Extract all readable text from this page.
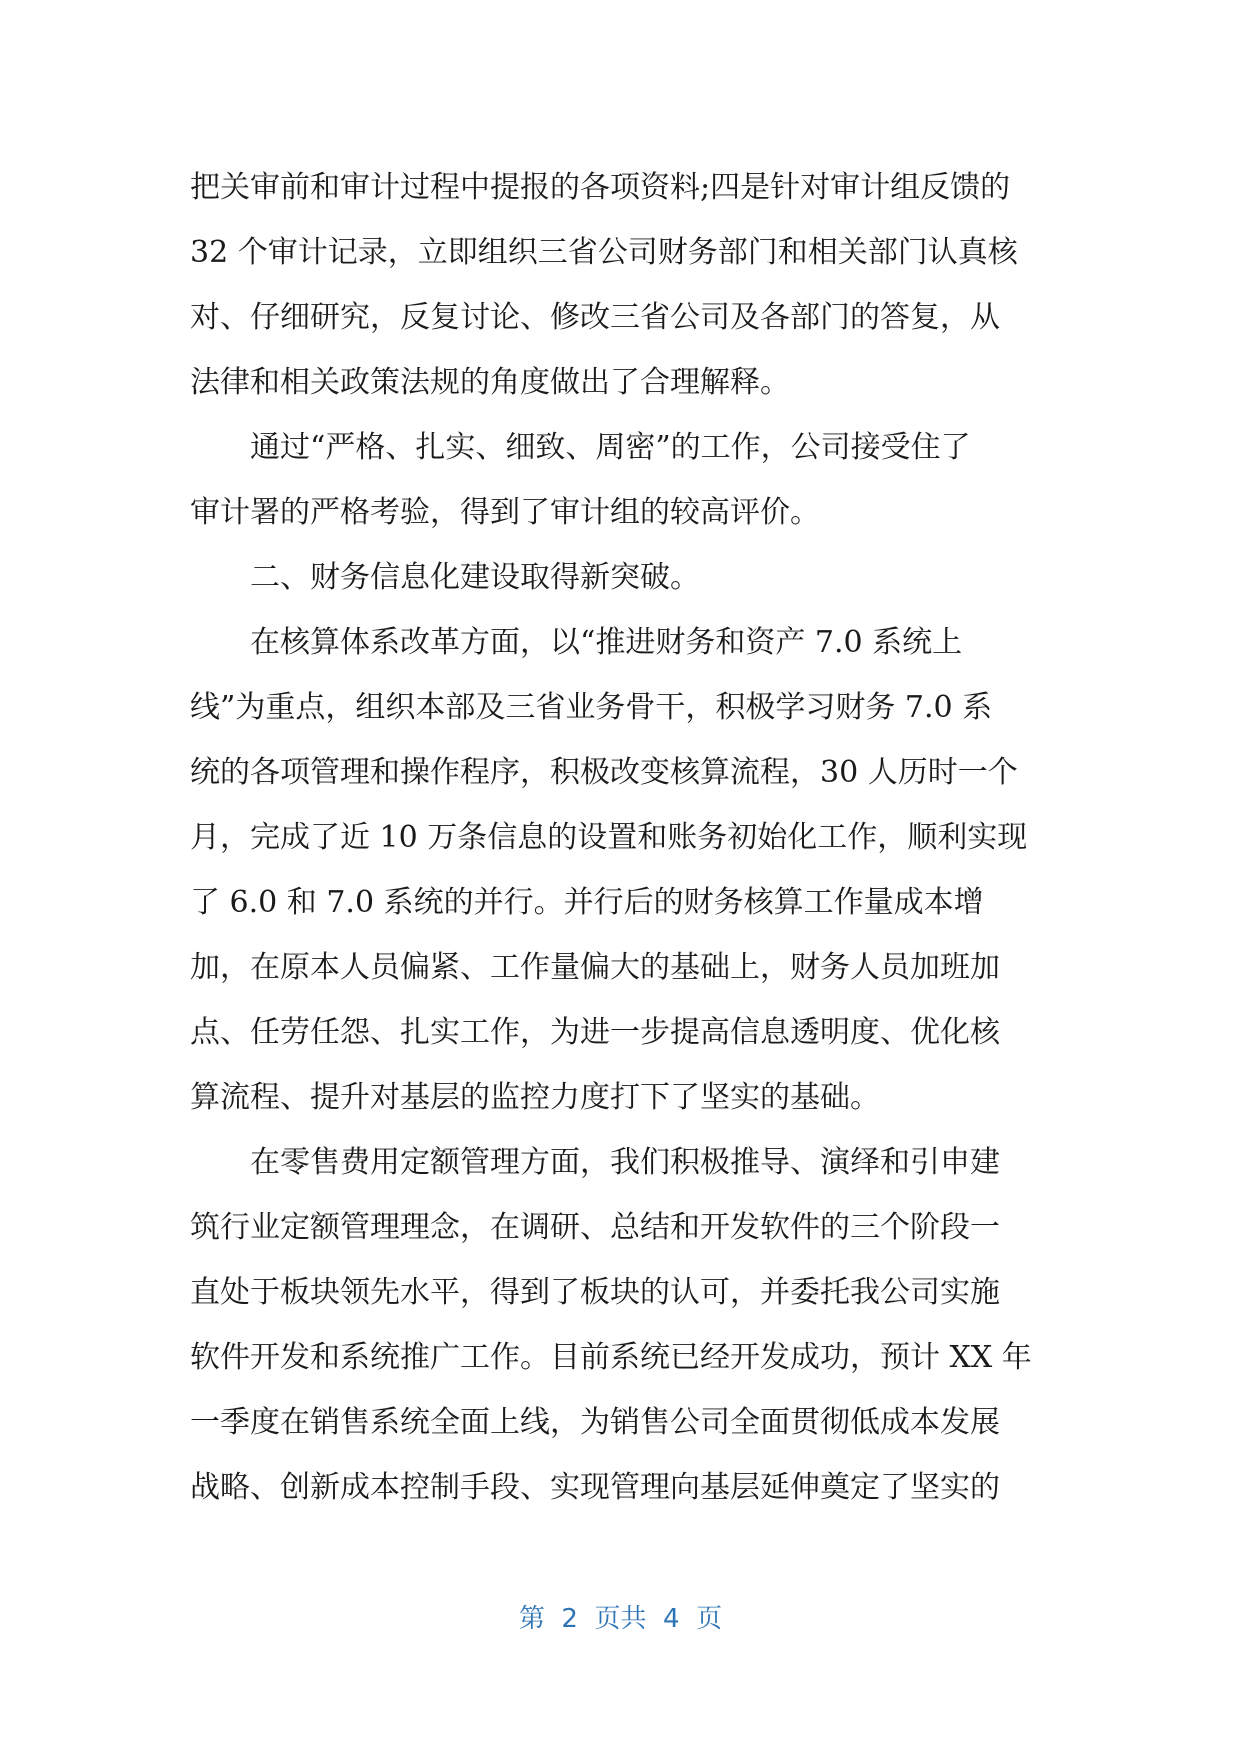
把关审前和审计过程中提报的各项资料;四是针对审计组反馈的
32 个审计记录，立即组织三省公司财务部门和相关部门认真核
对、仔细研究，反复讨论、修改三省公司及各部门的答复，从
法律和相关政策法规的角度做出了合理解释。
通过“严格、扎实、细致、周密”的工作，公司接受住了
审计署的严格考验，得到了审计组的较高评价。
二、财务信息化建设取得新突破。
在核算体系改革方面，以“推进财务和资产 7.0 系统上
线”为重点，组织本部及三省业务骨干，积极学习财务 7.0 系
统的各项管理和操作程序，积极改变核算流程，30 人历时一个
月，完成了近 10 万条信息的设置和账务初始化工作，顺利实现
了 6.0 和 7.0 系统的并行。并行后的财务核算工作量成本增
加，在原本人员偏紧、工作量偏大的基础上，财务人员加班加
点、任劳任怨、扎实工作，为进一步提高信息透明度、优化核
算流程、提升对基层的监控力度打下了坚实的基础。
在零售费用定额管理方面，我们积极推导、演绎和引申建
筑行业定额管理理念，在调研、总结和开发软件的三个阶段一
直处于板块领先水平，得到了板块的认可，并委托我公司实施
软件开发和系统推广工作。目前系统已经开发成功，预计 XX 年
一季度在销售系统全面上线，为销售公司全面贯彻低成本发展
战略、创新成本控制手段、实现管理向基层延伸奠定了坚实的
第  2  页共  4  页
